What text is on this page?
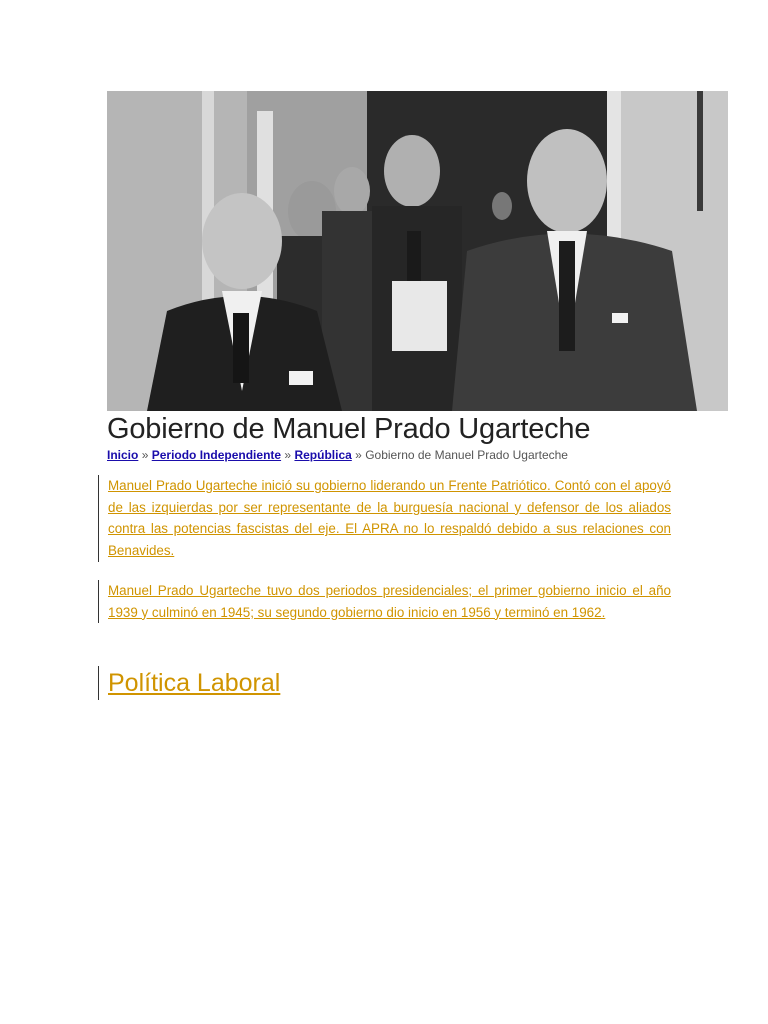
Gobierno de Manuel Prado Ugarteche
Inicio » Periodo Independiente » República » Gobierno de Manuel Prado Ugarteche

Manuel Prado Ugarteche inició su gobierno liderando un Frente Patriótico. Contó con el apoyó de las izquierdas por ser representante de la burguesía nacional y defensor de los aliados contra las potencias fascistas del eje. El APRA no lo respaldó debido a sus relaciones con Benavides.

Manuel Prado Ugarteche tuvo dos periodos presidenciales; el primer gobierno inicio el año 1939 y culminó en 1945; su segundo gobierno dio inicio en 1956 y terminó en 1962.

Política Laboral
